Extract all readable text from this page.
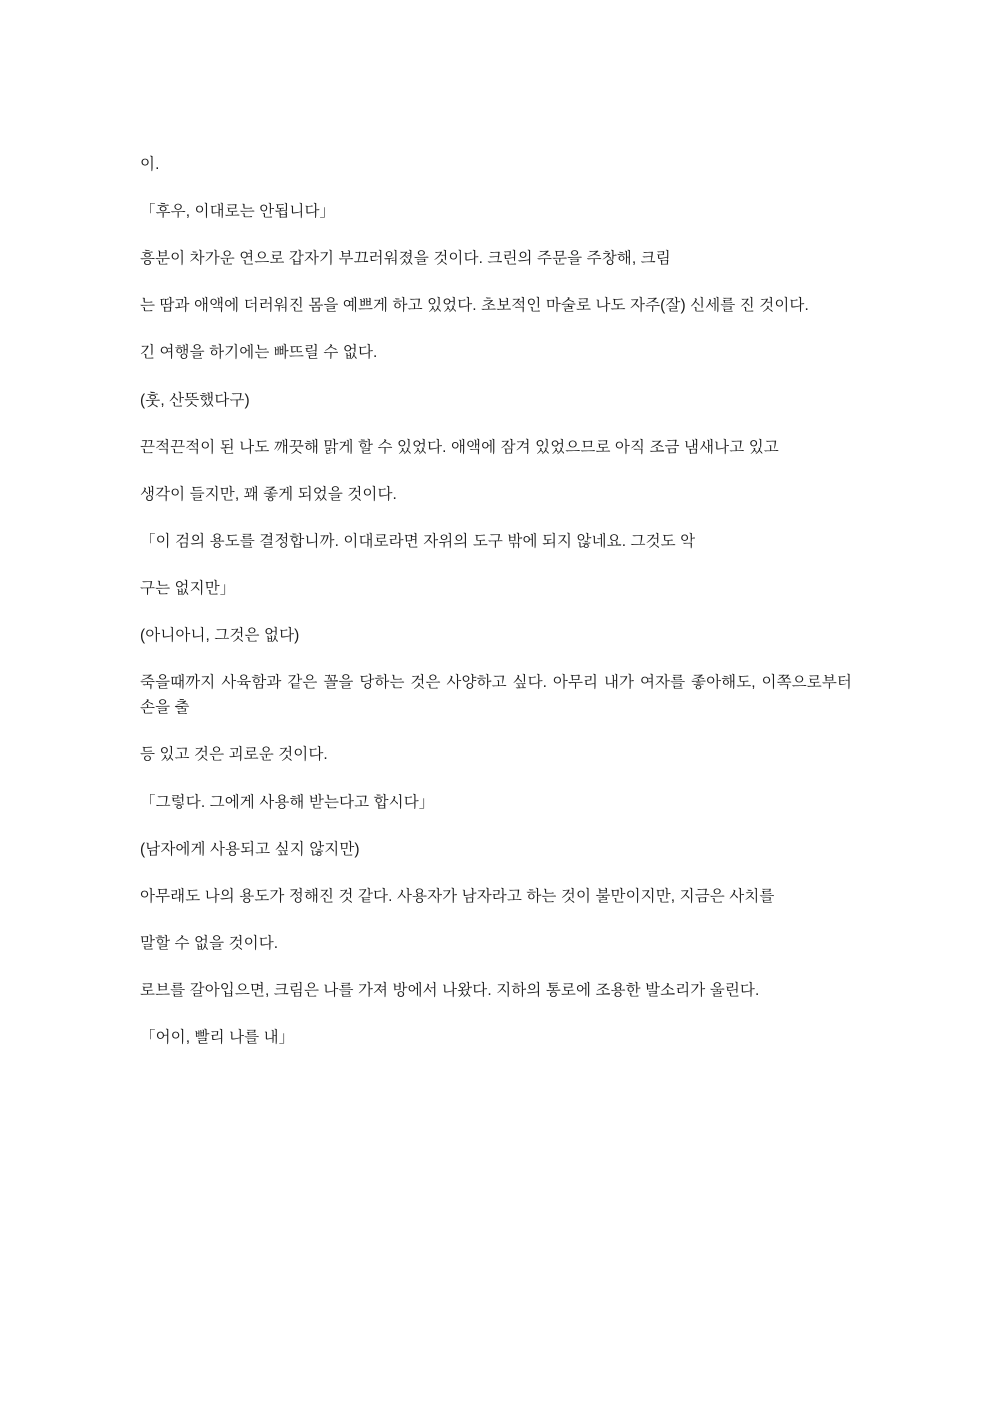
이.

「후우, 이대로는 안됩니다」

흥분이 차가운 연으로 갑자기 부끄러워졌을 것이다. 크린의 주문을 주창해, 크림

는 땀과 애액에 더러워진 몸을 예쁘게 하고 있었다. 초보적인 마술로 나도 자주(잘) 신세를 진 것이다.

긴 여행을 하기에는 빠뜨릴 수 없다.

(훗, 산뜻했다구)

끈적끈적이 된 나도 깨끗해 맑게 할 수 있었다. 애액에 잠겨 있었으므로 아직 조금 냄새나고 있고

생각이 들지만, 꽤 좋게 되었을 것이다.

「이 검의 용도를 결정합니까. 이대로라면 자위의 도구 밖에 되지 않네요. 그것도 악

구는 없지만」

(아니아니, 그것은 없다)

죽을때까지 사육함과 같은 꼴을 당하는 것은 사양하고 싶다. 아무리 내가 여자를 좋아해도, 이쪽으로부터 손을 출

등 있고 것은 괴로운 것이다.

「그렇다. 그에게 사용해 받는다고 합시다」

(남자에게 사용되고 싶지 않지만)

아무래도 나의 용도가 정해진 것 같다. 사용자가 남자라고 하는 것이 불만이지만, 지금은 사치를

말할 수 없을 것이다.

로브를 갈아입으면, 크림은 나를 가져 방에서 나왔다. 지하의 통로에 조용한 발소리가 울린다.

「어이, 빨리 나를 내」
